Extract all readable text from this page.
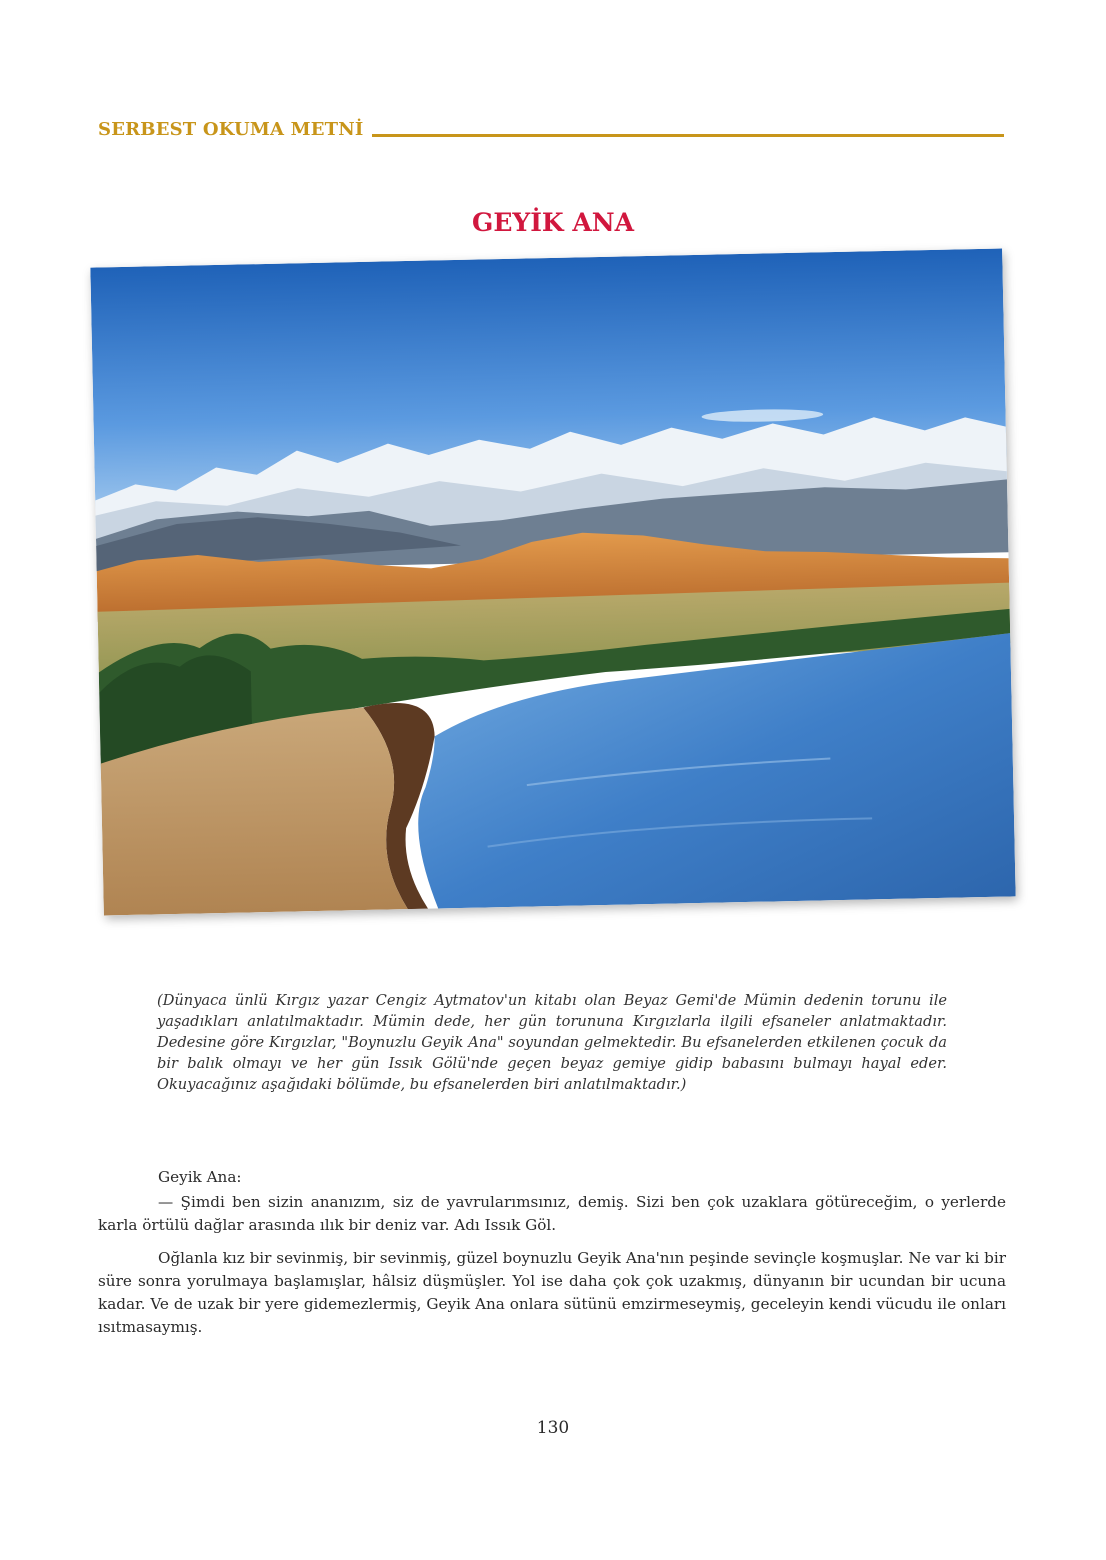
SERBEST OKUMA METNİ
GEYİK ANA

(Dünyaca ünlü Kırgız yazar Cengiz Aytmatov'un kitabı olan Beyaz Gemi'de Mümin dedenin torunu ile yaşadıkları anlatılmaktadır. Mümin dede, her gün torununa Kırgızlarla ilgili efsaneler anlatmaktadır. Dedesine göre Kırgızlar, "Boynuzlu Geyik Ana" soyundan gelmektedir. Bu efsanelerden etkilenen çocuk da bir balık olmayı ve her gün Issık Gölü'nde geçen beyaz gemiye gidip babasını bulmayı hayal eder. Okuyacağınız aşağıdaki bölümde, bu efsanelerden biri anlatılmaktadır.)

Geyik Ana:

— Şimdi ben sizin ananızım, siz de yavrularımsınız, demiş. Sizi ben çok uzaklara götüreceğim, o yerlerde karla örtülü dağlar arasında ılık bir deniz var. Adı Issık Göl.

Oğlanla kız bir sevinmiş, bir sevinmiş, güzel boynuzlu Geyik Ana'nın peşinde sevinçle koşmuşlar. Ne var ki bir süre sonra yorulmaya başlamışlar, hâlsiz düşmüşler. Yol ise daha çok çok uzakmış, dünyanın bir ucundan bir ucuna kadar. Ve de uzak bir yere gidemezlermiş, Geyik Ana onlara sütünü emzirmeseymiş, geceleyin kendi vücudu ile onları ısıtmasaymış.

130
